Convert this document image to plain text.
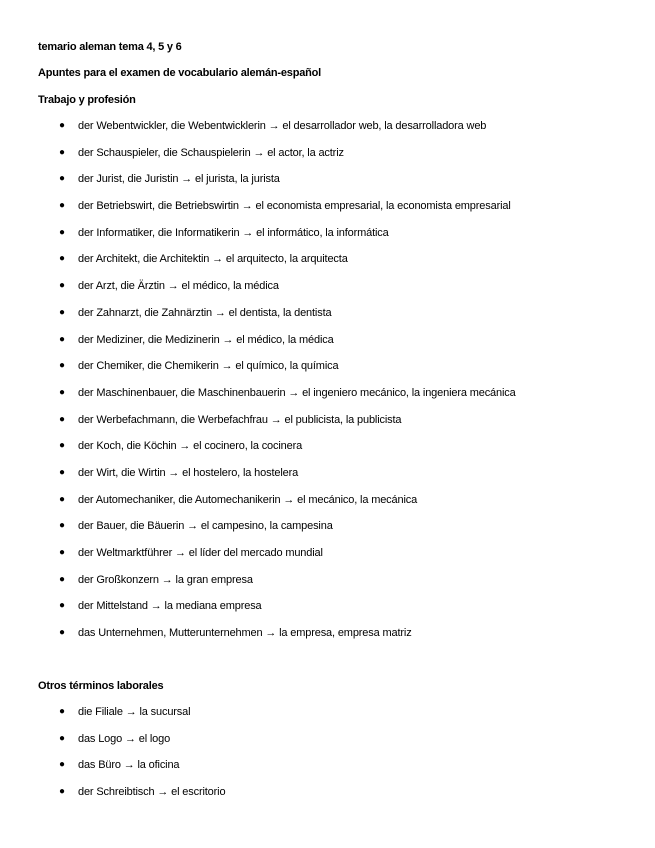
temario aleman tema 4, 5 y 6
Apuntes para el examen de vocabulario alemán-español
Trabajo y profesión
● der Webentwickler, die Webentwicklerin → el desarrollador web, la desarrolladora web
● der Schauspieler, die Schauspielerin → el actor, la actriz
● der Jurist, die Juristin → el jurista, la jurista
● der Betriebswirt, die Betriebswirtin → el economista empresarial, la economista empresarial
● der Informatiker, die Informatikerin → el informático, la informática
● der Architekt, die Architektin → el arquitecto, la arquitecta
● der Arzt, die Ärztin → el médico, la médica
● der Zahnarzt, die Zahnärztin → el dentista, la dentista
● der Mediziner, die Medizinerin → el médico, la médica
● der Chemiker, die Chemikerin → el químico, la química
● der Maschinenbauer, die Maschinenbauerin → el ingeniero mecánico, la ingeniera mecánica
● der Werbefachmann, die Werbefachfrau → el publicista, la publicista
● der Koch, die Köchin → el cocinero, la cocinera
● der Wirt, die Wirtin → el hostelero, la hostelera
● der Automechaniker, die Automechanikerin → el mecánico, la mecánica
● der Bauer, die Bäuerin → el campesino, la campesina
● der Weltmarktführer → el líder del mercado mundial
● der Großkonzern → la gran empresa
● der Mittelstand → la mediana empresa
● das Unternehmen, Mutterunternehmen → la empresa, empresa matriz
Otros términos laborales
● die Filiale → la sucursal
● das Logo → el logo
● das Büro → la oficina
● der Schreibtisch → el escritorio
